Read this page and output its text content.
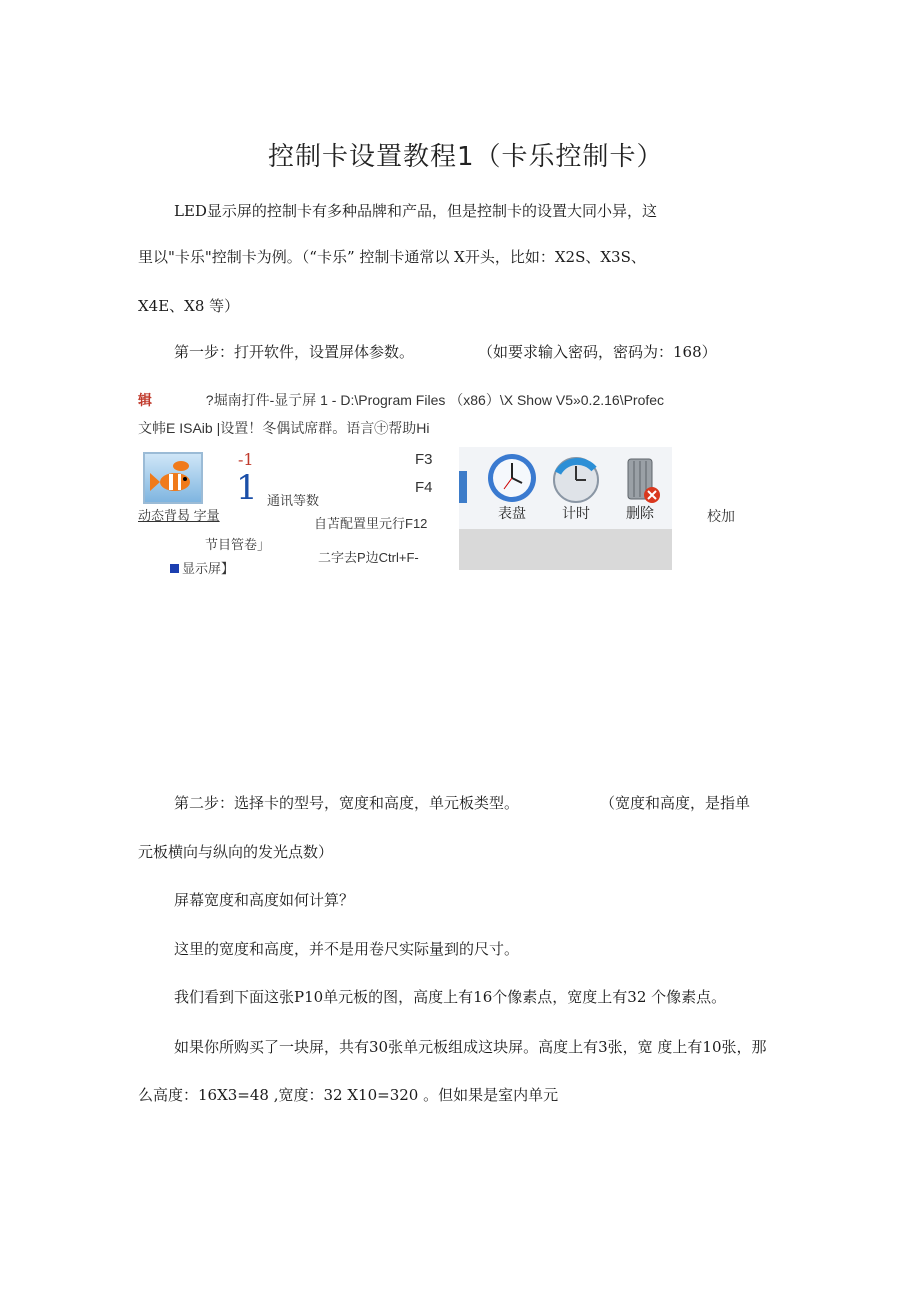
控制卡设置教程1（卡乐控制卡）
LED显示屏的控制卡有多种品牌和产品，但是控制卡的设置大同小异，这
里以"卡乐"控制卡为例。（“卡乐” 控制卡通常以 X开头，比如：X2S、X3S、
X4E、X8 等）
第一步：打开软件，设置屏体参数。	（如要求输入密码，密码为：168）
辑	?堀南打件-显亍屏 1 - D:\Program Files （x86）\X Show V5»0.2.16\Profec
文帏E ISAib |设置！冬偶试席群。语言㊉帮助Hi
-1
1 通讯等数
F3
F4
动态背曷 字量
自苫配置里元行F12
节目管卷」
二字去P边Ctrl+F-
显示屏】
表盘	计时	删除	校加
第二步：选择卡的型号，宽度和高度，单元板类型。	（宽度和高度，是指单
元板横向与纵向的发光点数）
屏幕宽度和高度如何计算？
这里的宽度和高度，并不是用卷尺实际量到的尺寸。
我们看到下面这张P10单元板的图，高度上有16个像素点，宽度上有32 个像素点。
如果你所购买了一块屏，共有30张单元板组成这块屏。高度上有3张，宽 度上有10张，那
么高度：16X3=48 ,宽度：32 X10=320 。但如果是室内单元
